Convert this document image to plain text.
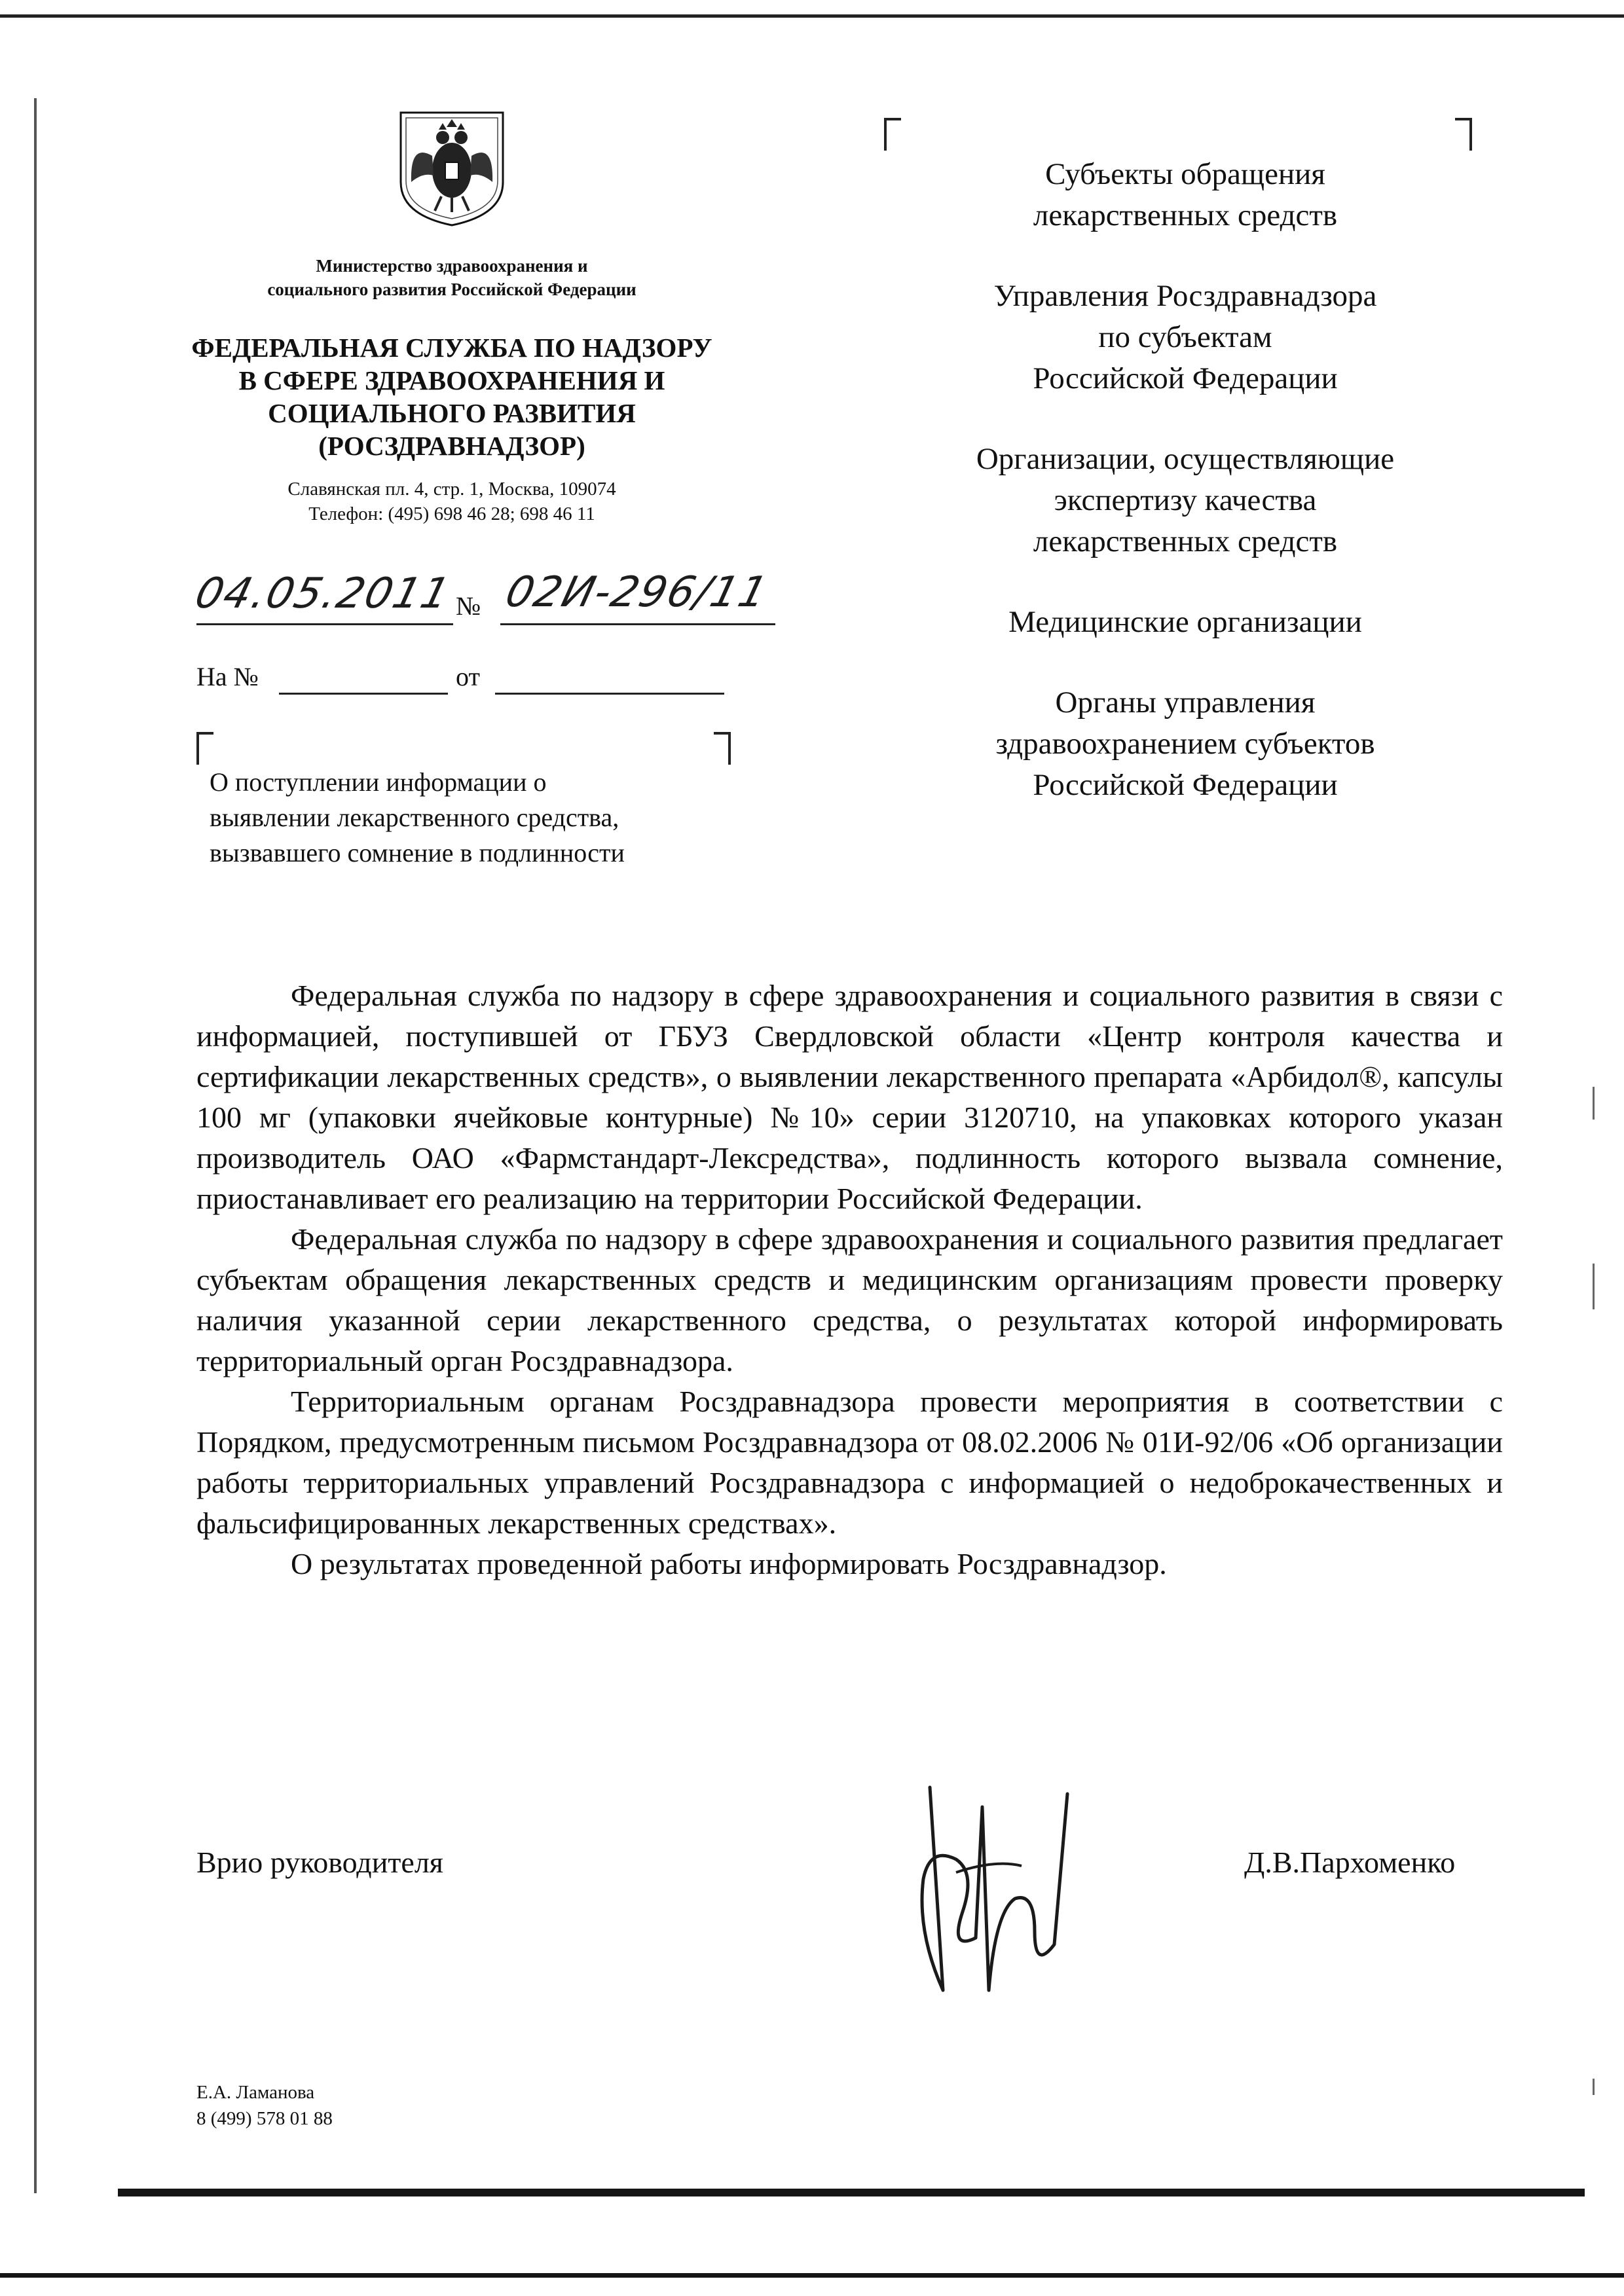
Министерство здравоохранения и
социального развития Российской Федерации
ФЕДЕРАЛЬНАЯ СЛУЖБА ПО НАДЗОРУ
В СФЕРЕ ЗДРАВООХРАНЕНИЯ И
СОЦИАЛЬНОГО РАЗВИТИЯ
(РОСЗДРАВНАДЗОР)
Славянская пл. 4, стр. 1, Москва, 109074
Телефон: (495) 698 46 28; 698 46 11
04.05.2011 № 02И-296/11
На №	от
О поступлении информации о
выявлении лекарственного средства,
вызвавшего сомнение в подлинности
Субъекты обращения
лекарственных средств
Управления Росздравнадзора
по субъектам
Российской Федерации
Организации, осуществляющие
экспертизу качества
лекарственных средств
Медицинские организации
Органы управления
здравоохранением субъектов
Российской Федерации

Федеральная служба по надзору в сфере здравоохранения и социального развития в связи с информацией, поступившей от ГБУЗ Свердловской области «Центр контроля качества и сертификации лекарственных средств», о выявлении лекарственного препарата «Арбидол®, капсулы 100 мг (упаковки ячейковые контурные) №10» серии 3120710, на упаковках которого указан производитель ОАО «Фармстандарт-Лексредства», подлинность которого вызвала сомнение, приостанавливает его реализацию на территории Российской Федерации.

Федеральная служба по надзору в сфере здравоохранения и социального развития предлагает субъектам обращения лекарственных средств и медицинским организациям провести проверку наличия указанной серии лекарственного средства, о результатах которой информировать территориальный орган Росздравнадзора.

Территориальным органам Росздравнадзора провести мероприятия в соответствии с Порядком, предусмотренным письмом Росздравнадзора от 08.02.2006 № 01И-92/06 «Об организации работы территориальных управлений Росздравнадзора с информацией о недоброкачественных и фальсифицированных лекарственных средствах».

О результатах проведенной работы информировать Росздравнадзор.

Врио руководителя	Д.В.Пархоменко
Е.А. Ламанова
8 (499) 578 01 88
